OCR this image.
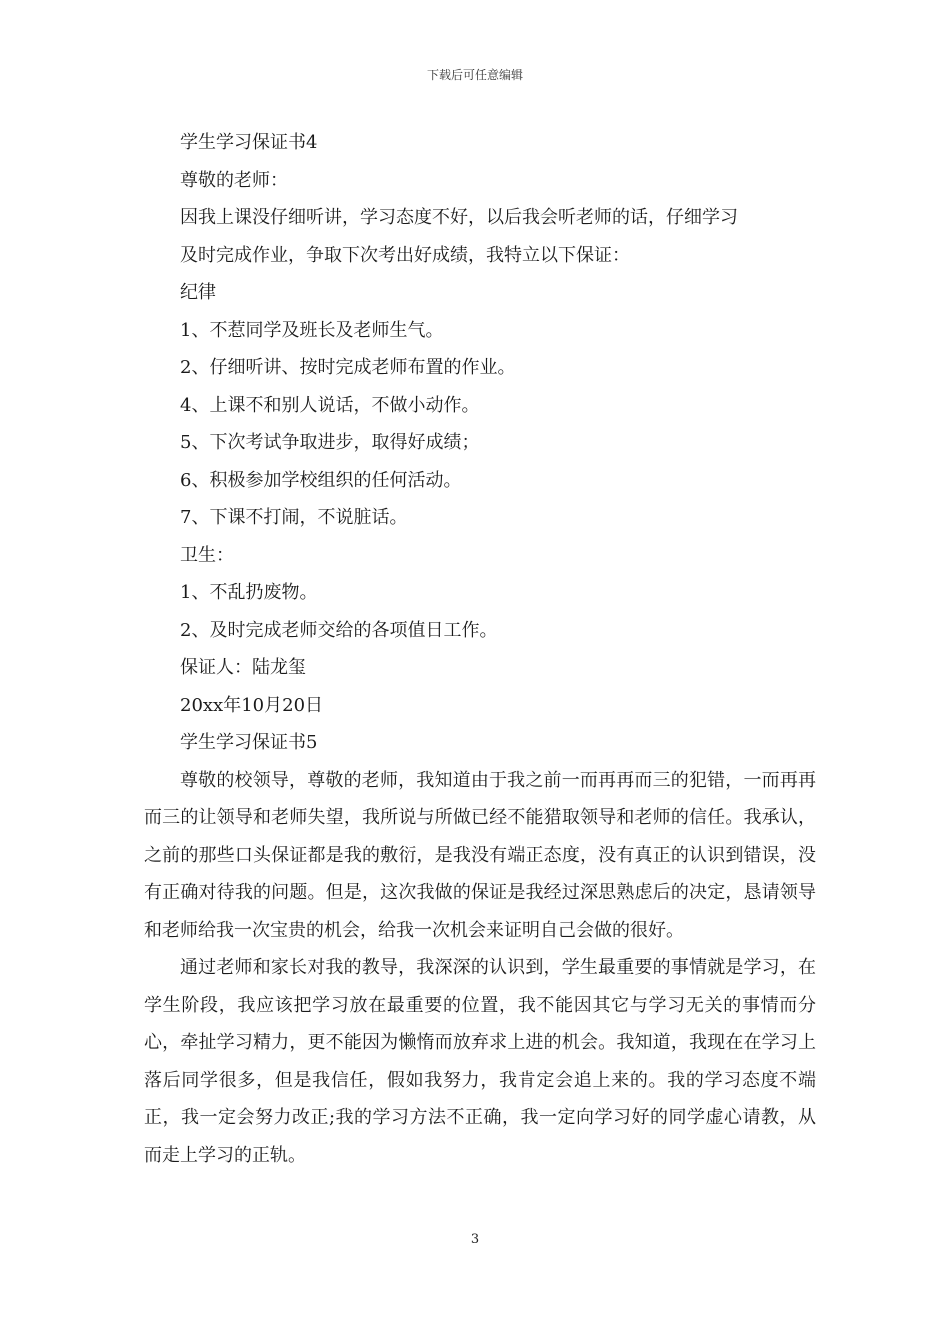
下载后可任意编辑
学生学习保证书4
尊敬的老师：
因我上课没仔细听讲，学习态度不好，以后我会听老师的话，仔细学习
及时完成作业，争取下次考出好成绩，我特立以下保证：
纪律
1、不惹同学及班长及老师生气。
2、仔细听讲、按时完成老师布置的作业。
4、上课不和别人说话，不做小动作。
5、下次考试争取进步，取得好成绩；
6、积极参加学校组织的任何活动。
7、下课不打闹，不说脏话。
卫生：
1、不乱扔废物。
2、及时完成老师交给的各项值日工作。
保证人：陆龙玺
20xx年10月20日
学生学习保证书5

尊敬的校领导，尊敬的老师，我知道由于我之前一而再再而三的犯错，一而再再而三的让领导和老师失望，我所说与所做已经不能猎取领导和老师的信任。我承认，之前的那些口头保证都是我的敷衍，是我没有端正态度，没有真正的认识到错误，没有正确对待我的问题。但是，这次我做的保证是我经过深思熟虑后的决定，恳请领导和老师给我一次宝贵的机会，给我一次机会来证明自己会做的很好。

通过老师和家长对我的教导，我深深的认识到，学生最重要的事情就是学习，在学生阶段，我应该把学习放在最重要的位置，我不能因其它与学习无关的事情而分心，牵扯学习精力，更不能因为懒惰而放弃求上进的机会。我知道，我现在在学习上落后同学很多，但是我信任，假如我努力，我肯定会追上来的。我的学习态度不端正，我一定会努力改正;我的学习方法不正确，我一定向学习好的同学虚心请教，从而走上学习的正轨。

3
